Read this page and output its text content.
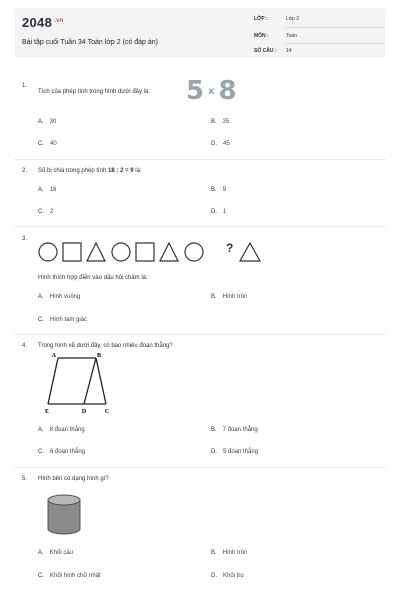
2048 $^{.vn}$
Bài tập cuối Tuần 34 Toán lớp 2 (có đáp án)
LỚP :	Lớp 2
MÔN :	Toán
SỐ CÂU : 14
1.
Tích của phép tính trong hình dưới đây là: 5 x 8
A. 30	B. 35
C. 40	D. 45
2. Số bị chia trong phép tính 18 : 2 = 9 là:
A. 18	B. 9
C. 2	D. 1
3.
?
Hình thích hợp điền vào dấu hỏi chấm là:
A. Hình vuông	B. Hình tròn
C. Hình tam giác
4. Trong hình vẽ dưới đây, có bao nhiêu đoạn thẳng?
A	B
E	D	C
A. 8 đoạn thẳng	B. 7 đoạn thẳng
C. 6 đoạn thẳng	D. 5 đoạn thẳng
5. Hình bên có dạng hình gì?
A. Khối cầu	B. Hình tròn
C. Khối hình chữ nhật	D. Khối trụ
